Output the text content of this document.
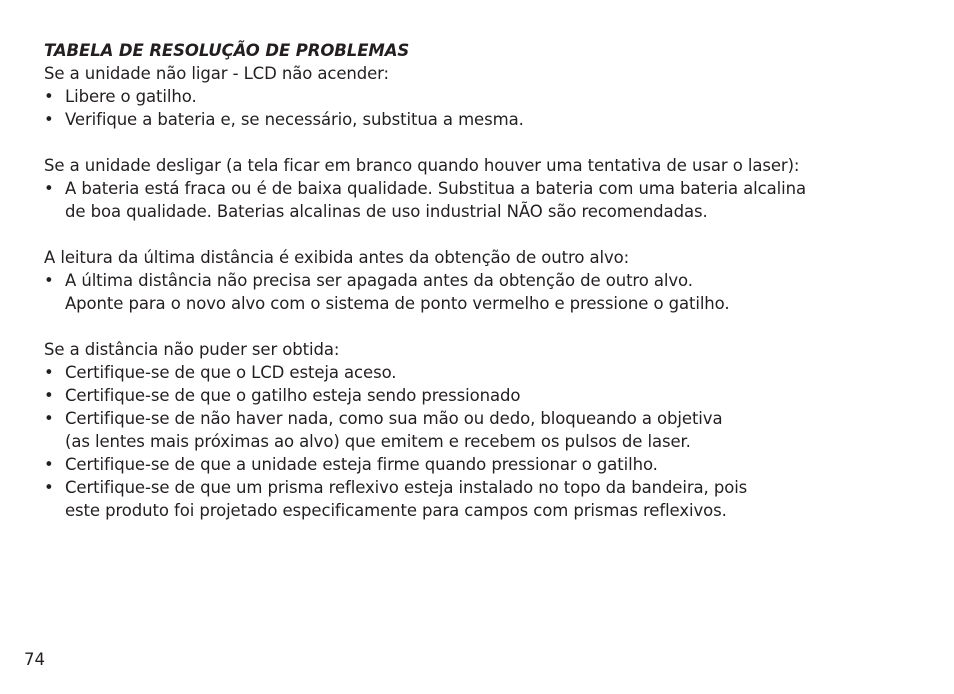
TABELA DE RESOLUÇÃO DE PROBLEMAS

Se a unidade não ligar - LCD não acender:

• Libere o gatilho.
• Verifique a bateria e, se necessário, substitua a mesma.

Se a unidade desligar (a tela ficar em branco quando houver uma tentativa de usar o laser):

• A bateria está fraca ou é de baixa qualidade. Substitua a bateria com uma bateria alcalina
de boa qualidade. Baterias alcalinas de uso industrial NÃO são recomendadas.

A leitura da última distância é exibida antes da obtenção de outro alvo:

• A última distância não precisa ser apagada antes da obtenção de outro alvo.
Aponte para o novo alvo com o sistema de ponto vermelho e pressione o gatilho.

Se a distância não puder ser obtida:

• Certifique-se de que o LCD esteja aceso.
• Certifique-se de que o gatilho esteja sendo pressionado
• Certifique-se de não haver nada, como sua mão ou dedo, bloqueando a objetiva
(as lentes mais próximas ao alvo) que emitem e recebem os pulsos de laser.
• Certifique-se de que a unidade esteja firme quando pressionar o gatilho.
• Certifique-se de que um prisma reflexivo esteja instalado no topo da bandeira, pois
este produto foi projetado especificamente para campos com prismas reflexivos.
74
